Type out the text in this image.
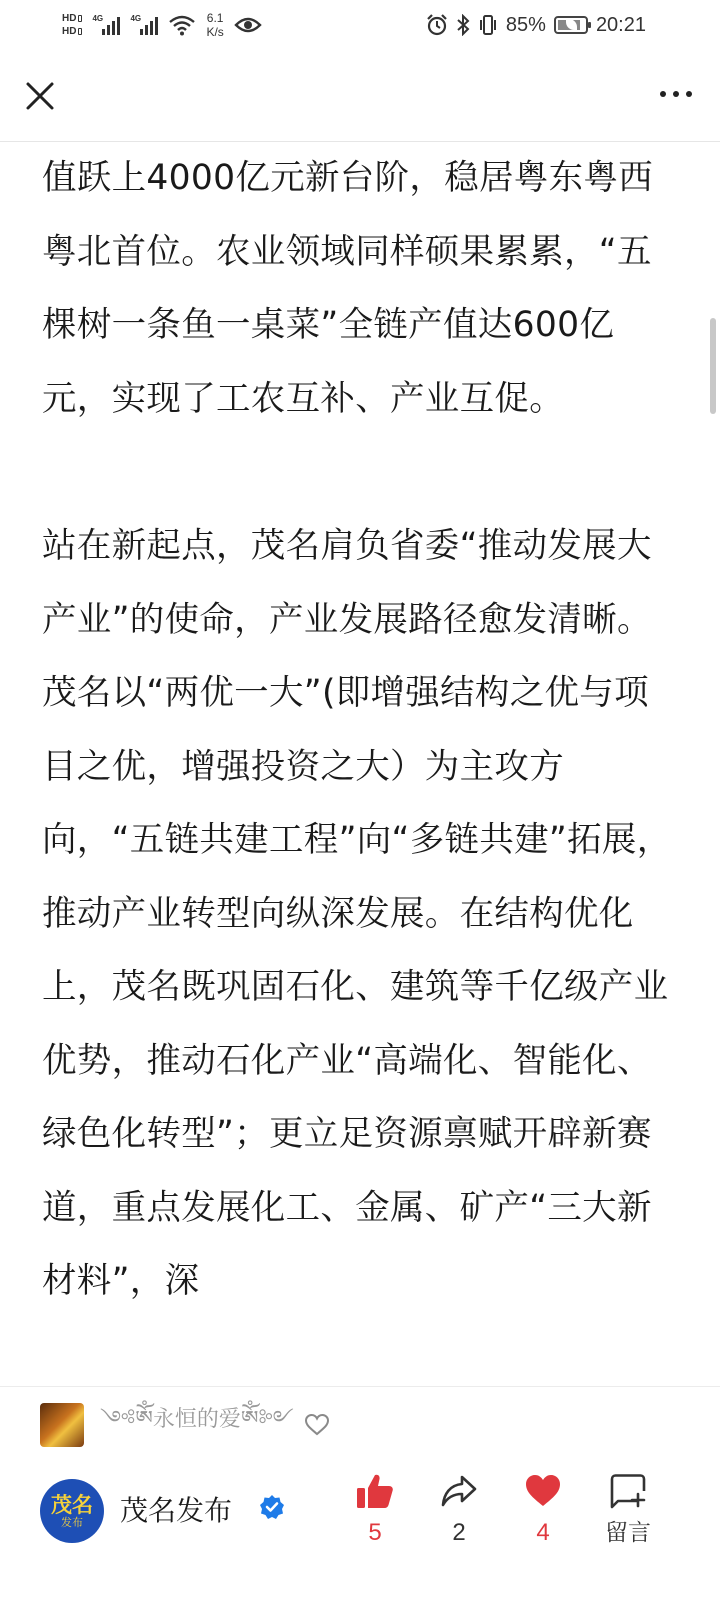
HD
HD
4G	4G	6.1
K/s	85%	20:21

值跃上4000亿元新台阶，稳居粤东粤西粤北首位。农业领域同样硕果累累，“五棵树一条鱼一桌菜”全链产值达600亿元，实现了工农互补、产业互促。

站在新起点，茂名肩负省委“推动发展大产业”的使命，产业发展路径愈发清晰。茂名以“两优一大”(即增强结构之优与项目之优，增强投资之大）为主攻方向，“五链共建工程”向“多链共建”拓展，推动产业转型向纵深发展。在结构优化上，茂名既巩固石化、建筑等千亿级产业优势，推动石化产业“高端化、智能化、绿色化转型”；更立足资源禀赋开辟新赛道，重点发展化工、金属、矿产“三大新材料”，深

༺ༀ永恒的爱ༀ༻
茂名
发布 茂名发布
5	2	4	留言
